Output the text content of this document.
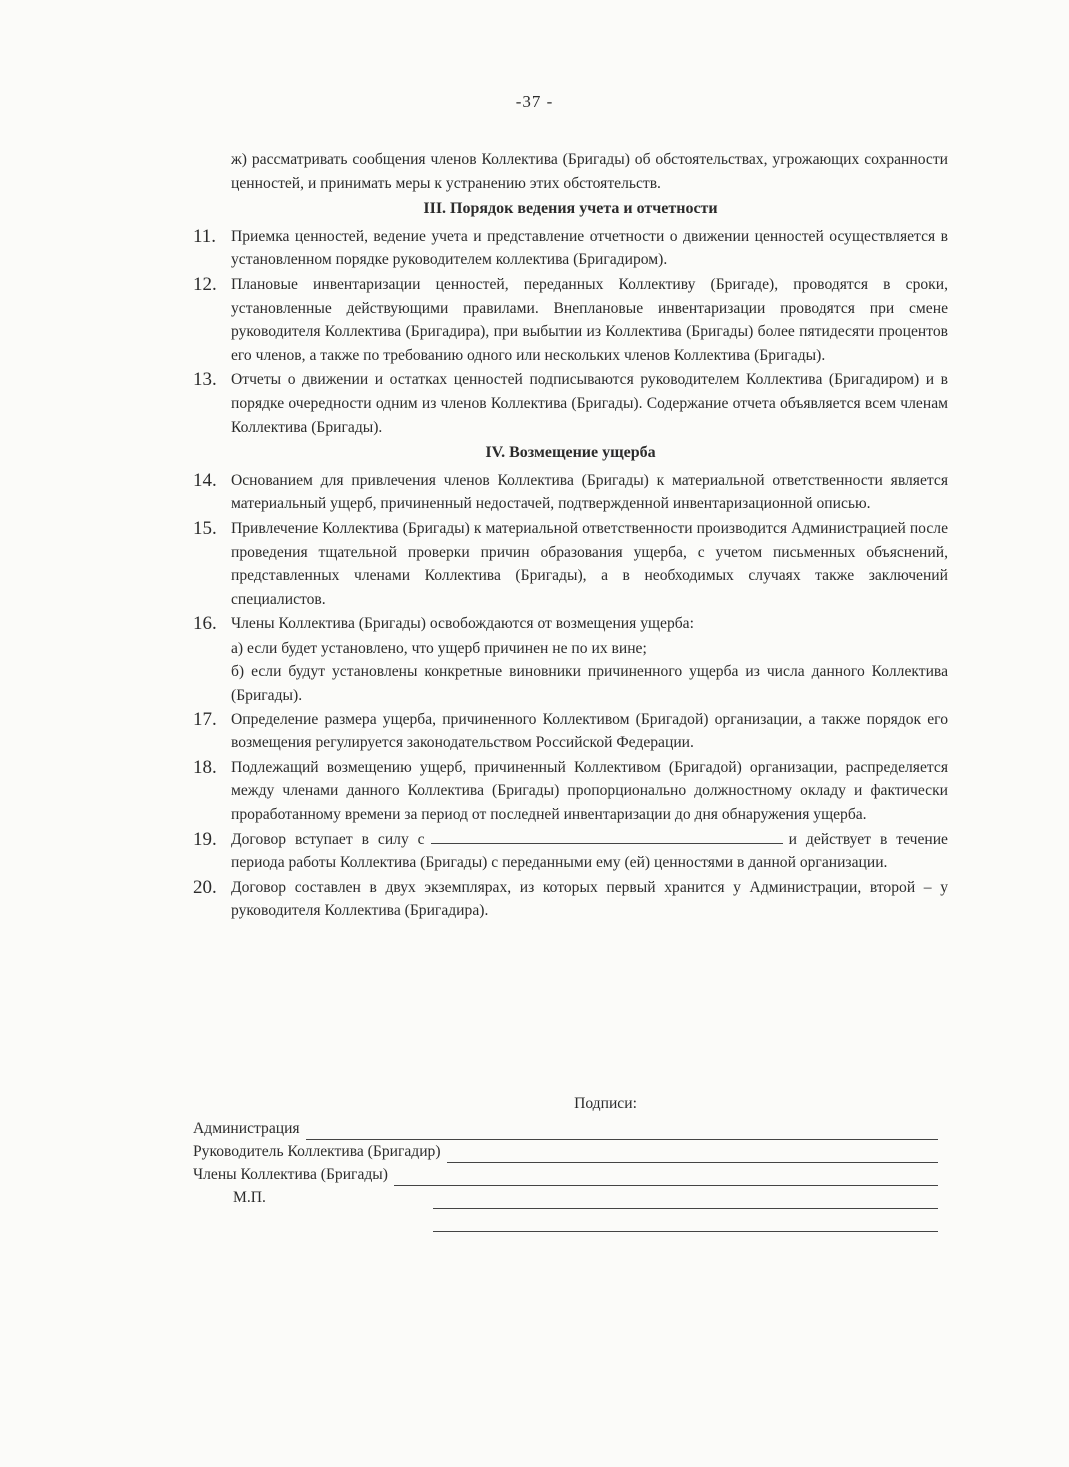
-37 -
ж) рассматривать сообщения членов Коллектива (Бригады) об обстоятельствах, угрожающих сохранности ценностей, и принимать меры к устранению этих обстоятельств.
III. Порядок ведения учета и отчетности
11. Приемка ценностей, ведение учета и представление отчетности о движении ценностей осуществляется в установленном порядке руководителем коллектива (Бригадиром).
12. Плановые инвентаризации ценностей, переданных Коллективу (Бригаде), проводятся в сроки, установленные действующими правилами. Внеплановые инвентаризации проводятся при смене руководителя Коллектива (Бригадира), при выбытии из Коллектива (Бригады) более пятидесяти процентов его членов, а также по требованию одного или нескольких членов Коллектива (Бригады).
13. Отчеты о движении и остатках ценностей подписываются руководителем Коллектива (Бригадиром) и в порядке очередности одним из членов Коллектива (Бригады). Содержание отчета объявляется всем членам Коллектива (Бригады).
IV. Возмещение ущерба
14. Основанием для привлечения членов Коллектива (Бригады) к материальной ответственности является материальный ущерб, причиненный недостачей, подтвержденной инвентаризационной описью.
15. Привлечение Коллектива (Бригады) к материальной ответственности производится Администрацией после проведения тщательной проверки причин образования ущерба, с учетом письменных объяснений, представленных членами Коллектива (Бригады), а в необходимых случаях также заключений специалистов.
16. Члены Коллектива (Бригады) освобождаются от возмещения ущерба:
а) если будет установлено, что ущерб причинен не по их вине;
б) если будут установлены конкретные виновники причиненного ущерба из числа данного Коллектива (Бригады).
17. Определение размера ущерба, причиненного Коллективом (Бригадой) организации, а также порядок его возмещения регулируется законодательством Российской Федерации.
18. Подлежащий возмещению ущерб, причиненный Коллективом (Бригадой) организации, распределяется между членами данного Коллектива (Бригады) пропорционально должностному окладу и фактически проработанному времени за период от последней инвентаризации до дня обнаружения ущерба.
19. Договор вступает в силу с	и действует в течение периода работы Коллектива (Бригады) с переданными ему (ей) ценностями в данной организации.
20. Договор составлен в двух экземплярах, из которых первый хранится у Администрации, второй – у руководителя Коллектива (Бригадира).
Подписи:
Администрация
Руководитель Коллектива (Бригадир)
Члены Коллектива (Бригады)
М.П.
